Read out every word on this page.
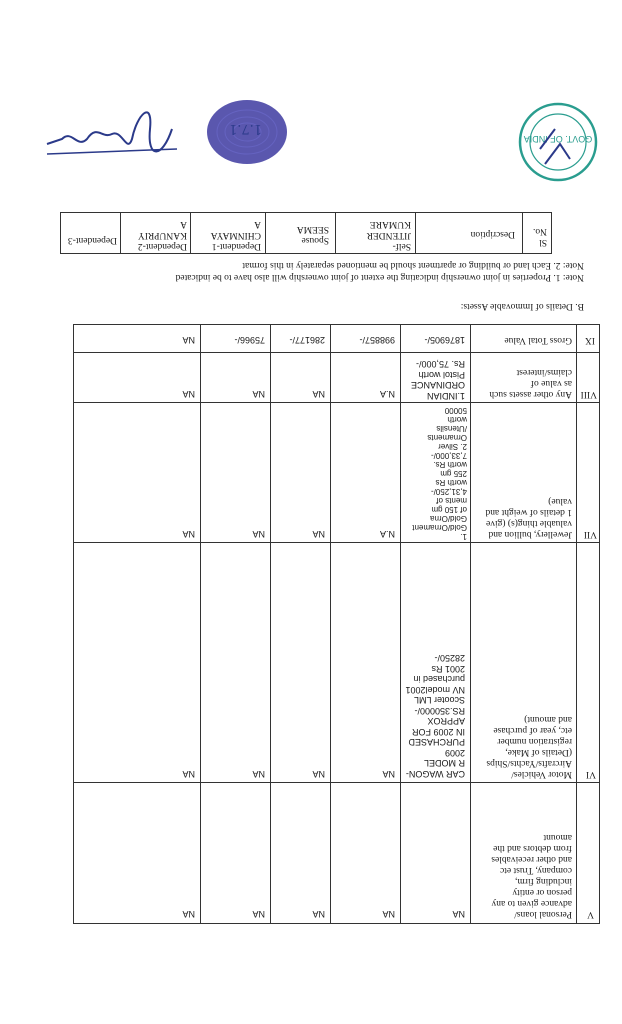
GOVT. OF INDIA
1.7.1
Sl
No.
Description
Self-
JITENDER
KUMARE
Spouse
SEEMA
Dependent-1
CHINMAYA
A
Dependent-2
KANUPRIY
A
Dependent-3
Note: 1. Properties in joint ownership indicating the extent of joint ownership will also have to be indicated
Note: 2. Each land or building or apartment should be mentioned separately in this format
B. Details of Immovable Assets:
V
Personal loans/
advance given to any
person or entity
including firm,
company, Trust etc
and other receivables
from debtors and the
amount
NA
NA
NA
NA
NA
VI
Motor Vehicles/
Aircrafts/Yachts/Ships
(Details of Make,
registration number
etc, year of purchase
and amount)
CAR WAGON-
R MODEL
2009
PURCHASED
IN 2009 FOR
APPROX
RS.350000/-
Scooter LML
NV model2001
purchased in
2001 Rs
28250/-
NA
NA
NA
NA
VII
Jewellery, bullion and
valuable thing(s) (give
1 details of weight and
value)
1.
Gold/Ornament
Gold/Orna
of 150 gm
ments of
4,31,250/-
worth Rs
255 gm
worth Rs.
7,33,000/-
2. Silver
Ornaments
/Utensils
worth
50000
N.A
NA
NA
NA
VIII
Any other assets such
as value of
claims/interest
1.INDIAN
ORDINANCE
Pistol worth
Rs. 75,000/-
N.A
NA
NA
NA
IX
Gross Total Value
1876905/-
998857/-
286177/-
75966/-
NA
